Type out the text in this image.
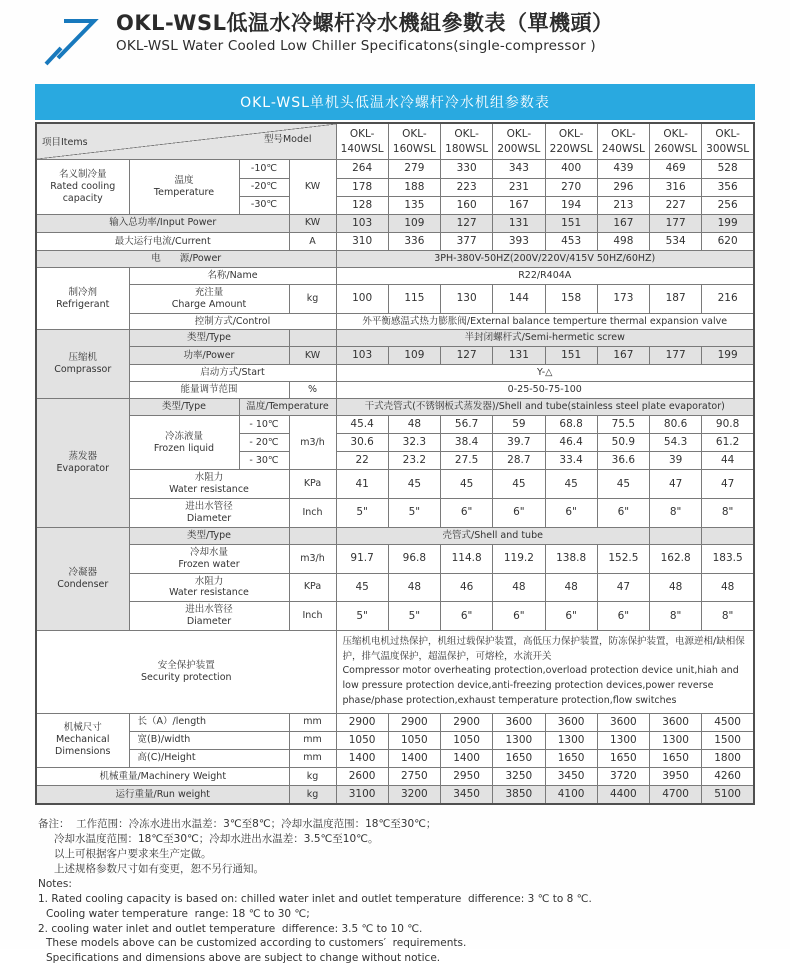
OKL-WSL低温水冷螺杆冷水機組參數表（單機頭）
OKL-WSL Water Cooled Low Chiller Specificatons(single-compressor )
OKL-WSL单机头低温水冷螺杆冷水机组参数表
项目Items 型号Model				OKL-
140WSL	OKL-
160WSL	OKL-
180WSL	OKL-
200WSL	OKL-
220WSL	OKL-
240WSL	OKL-
260WSL	OKL-
300WSL
名义制冷量
Rated cooling
capacity	温度
Temperature	-10℃	KW	264	279	330	343	400	439	469	528
		-20℃		178	188	223	231	270	296	316	356
		-30℃		128	135	160	167	194	213	227	256
输入总功率/Input Power			KW	103	109	127	131	151	167	177	199
最大运行电流/Current			A	310	336	377	393	453	498	534	620
电　　源/Power				3PH-380V-50HZ(200V/220V/415V 50HZ/60HZ)							
制冷剂
Refrigerant	名称/Name			R22/R404A							
	充注量
Charge Amount		kg	100	115	130	144	158	173	187	216
	控制方式/Control			外平衡感温式热力膨胀阀/External balance temperture thermal expansion valve							
压缩机
Comprassor	类型/Type			半封闭螺杆式/Semi-hermetic screw							
	功率/Power		KW	103	109	127	131	151	167	177	199
	启动方式/Start			Y-△							
	能量调节范围		%	0-25-50-75-100							
蒸发器
Evaporator	类型/Type	温度/Temperature		干式壳管式(不锈钢板式蒸发器)/Shell and tube(stainless steel plate evaporator)							
	冷冻液量
Frozen liquid	- 10℃	m3/h	45.4	48	56.7	59	68.8	75.5	80.6	90.8
		- 20℃		30.6	32.3	38.4	39.7	46.4	50.9	54.3	61.2
		- 30℃		22	23.2	27.5	28.7	33.4	36.6	39	44
	水阻力
Water resistance		KPa	41	45	45	45	45	45	47	47
	进出水管径
Diameter		Inch	5"	5"	6"	6"	6"	6"	8"	8"
冷凝器
Condenser	类型/Type			壳管式/Shell and tube							
	冷却水量
Frozen water		m3/h	91.7	96.8	114.8	119.2	138.8	152.5	162.8	183.5
	水阻力
Water resistance		KPa	45	48	46	48	48	47	48	48
	进出水管径
Diameter		Inch	5"	5"	6"	6"	6"	6"	8"	8"
安全保护装置
Security protection				压缩机电机过热保护，机组过载保护装置，高低压力保护装置，防冻保护装置，电源逆相/缺相保护，排气温度保护，超温保护，可熔栓，水流开关
Compressor motor overheating protection,overload protection device unit,hiah and low pressure protection device,anti-freezing protection devices,power reverse phase/phase protection,exhaust temperature protection,flow switches							
机械尺寸
Mechanical
Dimensions	长（A）/length		mm	2900	2900	2900	3600	3600	3600	3600	4500
	宽(B)/width		mm	1050	1050	1050	1300	1300	1300	1300	1500
	高(C)/Height		mm	1400	1400	1400	1650	1650	1650	1650	1800
机械重量/Machinery Weight			kg	2600	2750	2950	3250	3450	3720	3950	4260
运行重量/Run weight			kg	3100	3200	3450	3850	4100	4400	4700	5100
备注：  工作范围：冷冻水进出水温差：3℃至8℃；冷却水温度范围：18℃至30℃；
冷却水温度范围：18℃至30℃；冷却水进出水温差：3.5℃至10℃。
以上可根据客户要求来生产定做。
上述规格参数尺寸如有变更，恕不另行通知。
Notes:
1. Rated cooling capacity is based on: chilled water inlet and outlet temperature  difference: 3 ℃ to 8 ℃.
Cooling water temperature  range: 18 ℃ to 30 ℃;
2. cooling water inlet and outlet temperature  difference: 3.5 ℃ to 10 ℃.
These models above can be customized according to customers′  requirements.
Specifications and dimensions above are subject to change without notice.
